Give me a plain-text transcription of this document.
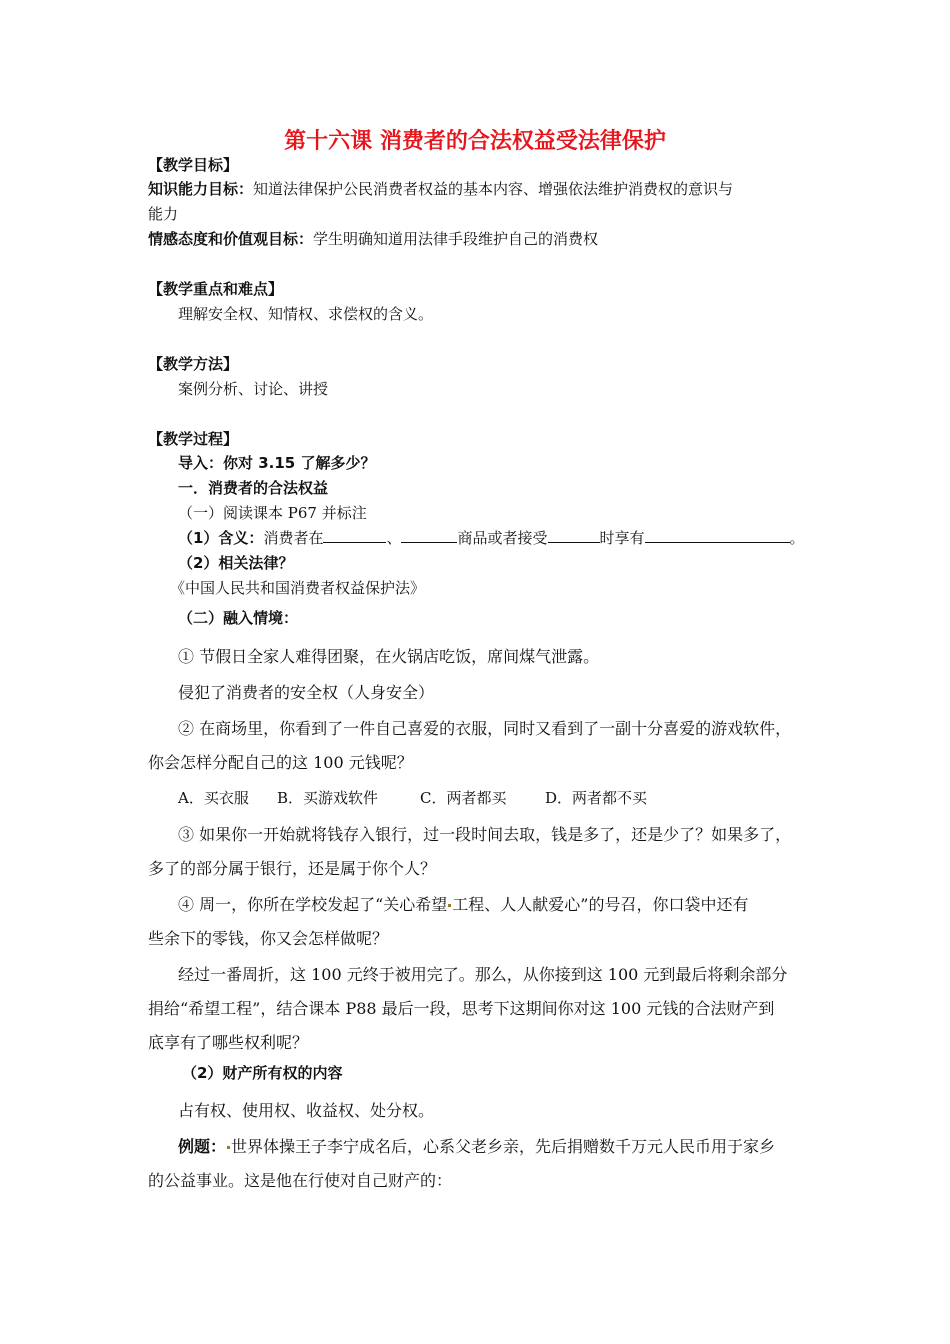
第十六课 消费者的合法权益受法律保护
【教学目标】
知识能力目标：知道法律保护公民消费者权益的基本内容、增强依法维护消费权的意识与
能力
情感态度和价值观目标：学生明确知道用法律手段维护自己的消费权
【教学重点和难点】
理解安全权、知情权、求偿权的含义。
【教学方法】
案例分析、讨论、讲授
【教学过程】
导入：你对 3.15 了解多少？
一．消费者的合法权益
（一）阅读课本 P67 并标注
（1）含义：消费者在	、	商品或者接受	时享有	。
（2）相关法律？
《中国人民共和国消费者权益保护法》
（二）融入情境：
① 节假日全家人难得团聚，在火锅店吃饭，席间煤气泄露。
侵犯了消费者的安全权（人身安全）
② 在商场里，你看到了一件自己喜爱的衣服，同时又看到了一副十分喜爱的游戏软件，
你会怎样分配自己的这 100 元钱呢？
A．买衣服 B．买游戏软件	C．两者都买	D．两者都不买
③ 如果你一开始就将钱存入银行，过一段时间去取，钱是多了，还是少了？如果多了，
多了的部分属于银行，还是属于你个人？
④ 周一，你所在学校发起了“关心希望 工程、人人献爱心”的号召，你口袋中还有
些余下的零钱，你又会怎样做呢？
经过一番周折，这 100 元终于被用完了。那么，从你接到这 100 元到最后将剩余部分
捐给“希望工程”，结合课本 P88 最后一段，思考下这期间你对这 100 元钱的合法财产到
底享有了哪些权利呢？
（2）财产所有权的内容
占有权、使用权、收益权、处分权。
例题： 世界体操王子李宁成名后，心系父老乡亲，先后捐赠数千万元人民币用于家乡
的公益事业。这是他在行使对自己财产的：
